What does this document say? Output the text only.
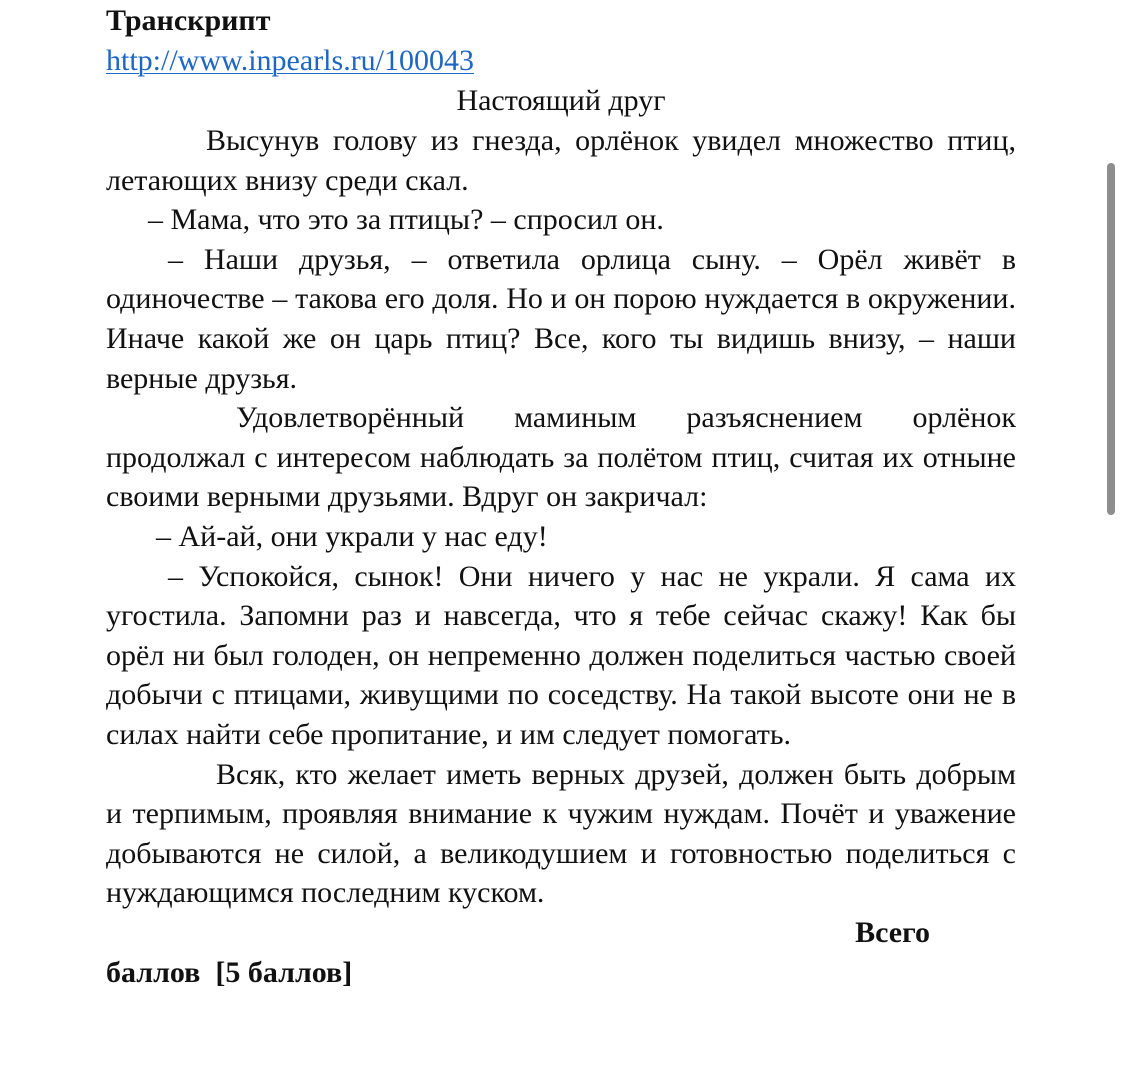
Транскрипт
http://www.inpearls.ru/100043

Настоящий друг

Высунув голову из гнезда, орлёнок увидел множество птиц, летающих внизу среди скал.

– Мама, что это за птицы? – спросил он.

– Наши друзья, – ответила орлица сыну. – Орёл живёт в одиночестве – такова его доля. Но и он порою нуждается в окружении. Иначе какой же он царь птиц? Все, кого ты видишь внизу, – наши верные друзья.

Удовлетворённый маминым разъяснением орлёнок продолжал с интересом наблюдать за полётом птиц, считая их отныне своими верными друзьями. Вдруг он закричал:

– Ай-ай, они украли у нас еду!

– Успокойся, сынок! Они ничего у нас не украли. Я сама их угостила. Запомни раз и навсегда, что я тебе сейчас скажу! Как бы орёл ни был голоден, он непременно должен поделиться частью своей добычи с птицами, живущими по соседству. На такой высоте они не в силах найти себе пропитание, и им следует помогать.

Всяк, кто желает иметь верных друзей, должен быть добрым и терпимым, проявляя внимание к чужим нуждам. Почёт и уважение добываются не силой, а великодушием и готовностью поделиться с нуждающимся последним куском.

Всего
баллов  [5 баллов]
